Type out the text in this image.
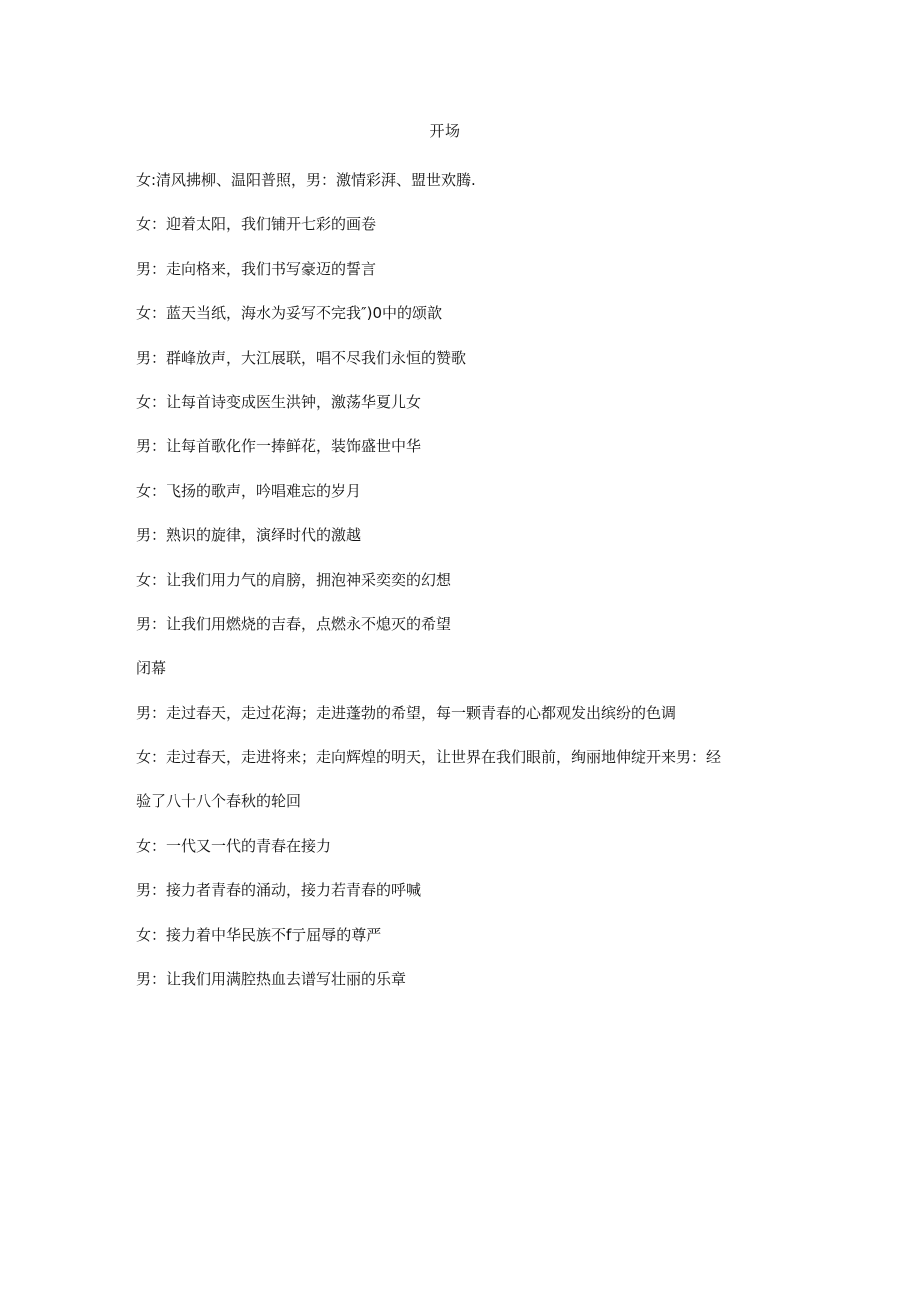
开场
女:清风拂柳、温阳普照，男：激情彩湃、盟世欢腾.
女：迎着太阳，我们铺开七彩的画卷
男：走向格来，我们书写豪迈的誓言
女：蓝天当纸，海水为妥写不完我″)0中的颂歆
男：群峰放声，大江展联，唱不尽我们永恒的赞歌
女：让每首诗变成医生洪钟，激荡华夏儿女
男：让每首歌化作一捧鲜花，装饰盛世中华
女：飞扬的歌声，吟唱难忘的岁月
男：熟识的旋律，演绎时代的激越
女：让我们用力气的肩膀，拥泡神采奕奕的幻想
男：让我们用燃烧的吉春，点燃永不熄灭的希望
闭幕
男：走过春天，走过花海；走进蓬勃的希望，每一颗青春的心都观发出缤纷的色调
女：走过春天，走进将来；走向辉煌的明天，让世界在我们眼前，绚丽地伸绽开来男：经
验了八十八个春秋的轮回
女：一代又一代的青春在接力
男：接力者青春的涌动，接力若青春的呼喊
女：接力着中华民族不f亍屈辱的尊严
男：让我们用满腔热血去谱写壮丽的乐章
